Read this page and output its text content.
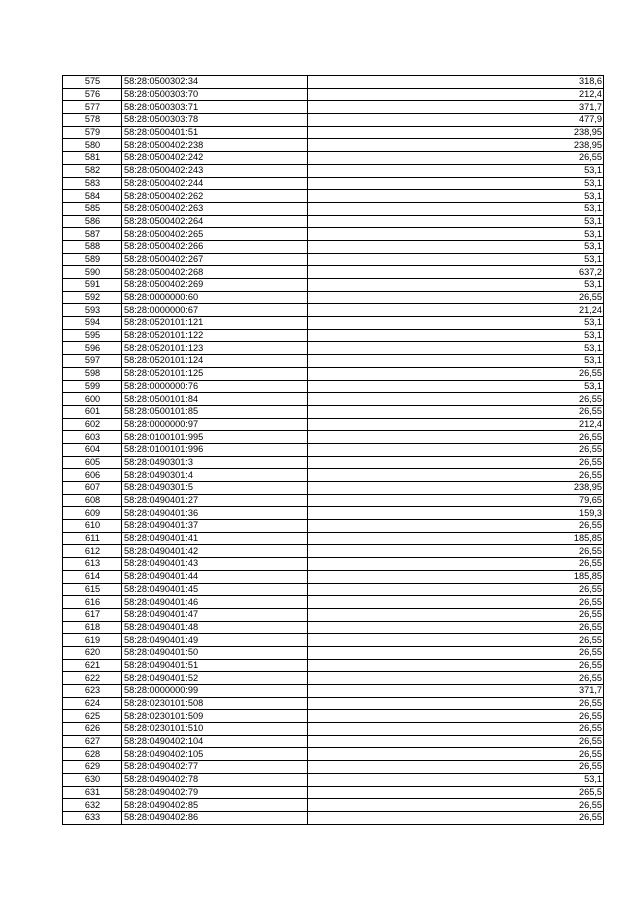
575	58:28:0500302:34	318,6
576	58:28:0500303:70	212,4
577	58:28:0500303:71	371,7
578	58:28:0500303:78	477,9
579	58:28:0500401:51	238,95
580	58:28:0500402:238	238,95
581	58:28:0500402:242	26,55
582	58:28:0500402:243	53,1
583	58:28:0500402:244	53,1
584	58:28:0500402:262	53,1
585	58:28:0500402:263	53,1
586	58:28:0500402:264	53,1
587	58:28:0500402:265	53,1
588	58:28:0500402:266	53,1
589	58:28:0500402:267	53,1
590	58:28:0500402:268	637,2
591	58:28:0500402:269	53,1
592	58:28:0000000:60	26,55
593	58:28:0000000:67	21,24
594	58:28:0520101:121	53,1
595	58:28:0520101:122	53,1
596	58:28:0520101:123	53,1
597	58:28:0520101:124	53,1
598	58:28:0520101:125	26,55
599	58:28:0000000:76	53,1
600	58:28:0500101:84	26,55
601	58:28:0500101:85	26,55
602	58:28:0000000:97	212,4
603	58:28:0100101:995	26,55
604	58:28:0100101:996	26,55
605	58:28:0490301:3	26,55
606	58:28:0490301:4	26,55
607	58:28:0490301:5	238,95
608	58:28:0490401:27	79,65
609	58:28:0490401:36	159,3
610	58:28:0490401:37	26,55
611	58:28:0490401:41	185,85
612	58:28:0490401:42	26,55
613	58:28:0490401:43	26,55
614	58:28:0490401:44	185,85
615	58:28:0490401:45	26,55
616	58:28:0490401:46	26,55
617	58:28:0490401:47	26,55
618	58:28:0490401:48	26,55
619	58:28:0490401:49	26,55
620	58:28:0490401:50	26,55
621	58:28:0490401:51	26,55
622	58:28:0490401:52	26,55
623	58:28:0000000:99	371,7
624	58:28:0230101:508	26,55
625	58:28:0230101:509	26,55
626	58:28:0230101:510	26,55
627	58:28:0490402:104	26,55
628	58:28:0490402:105	26,55
629	58:28:0490402:77	26,55
630	58:28:0490402:78	53,1
631	58:28:0490402:79	265,5
632	58:28:0490402:85	26,55
633	58:28:0490402:86	26,55
